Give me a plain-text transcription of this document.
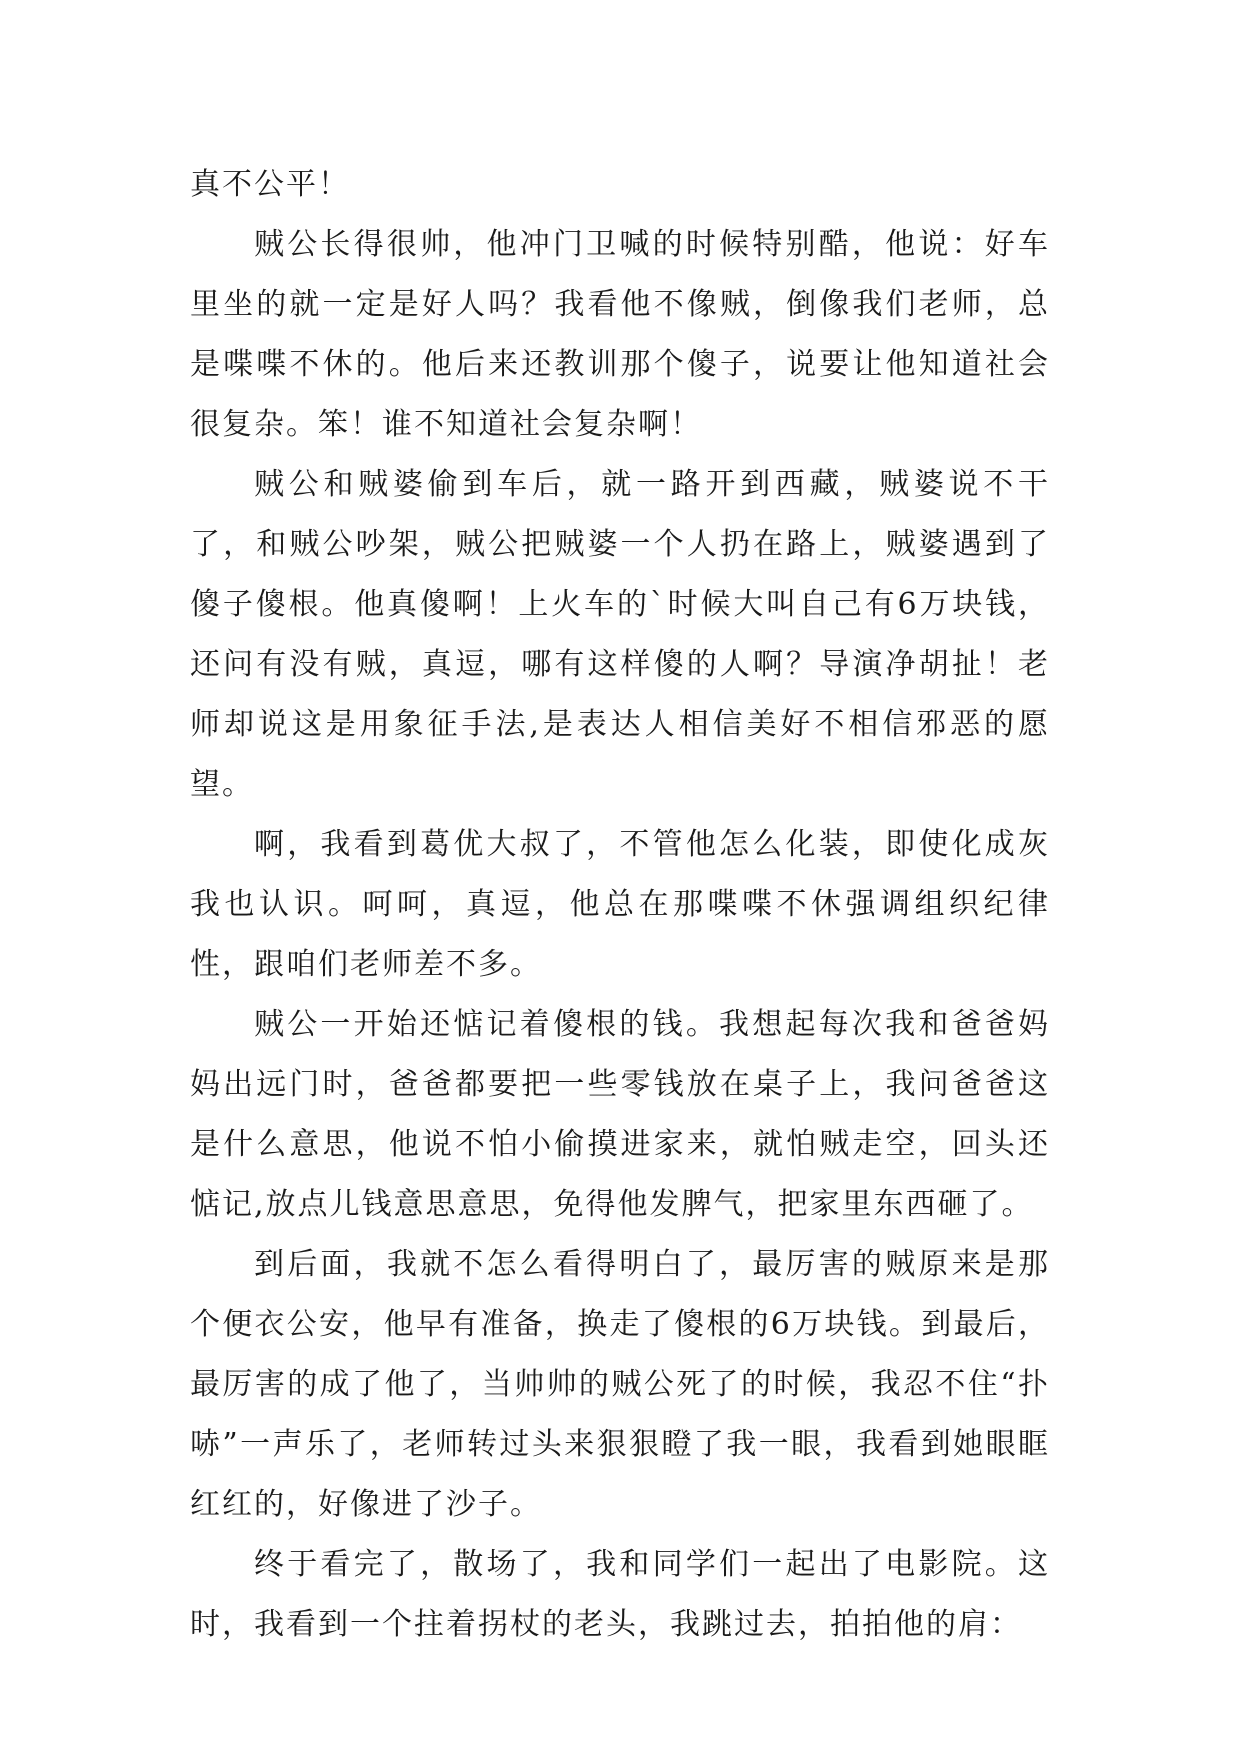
真不公平！

贼公长得很帅，他冲门卫喊的时候特别酷，他说：好车里坐的就一定是好人吗？我看他不像贼，倒像我们老师，总是喋喋不休的。他后来还教训那个傻子，说要让他知道社会很复杂。笨！谁不知道社会复杂啊！

贼公和贼婆偷到车后，就一路开到西藏，贼婆说不干了，和贼公吵架，贼公把贼婆一个人扔在路上，贼婆遇到了傻子傻根。他真傻啊！上火车的`时候大叫自己有6万块钱，还问有没有贼，真逗，哪有这样傻的人啊？导演净胡扯！老师却说这是用象征手法,是表达人相信美好不相信邪恶的愿望。

啊，我看到葛优大叔了，不管他怎么化装，即使化成灰我也认识。呵呵，真逗，他总在那喋喋不休强调组织纪律性，跟咱们老师差不多。

贼公一开始还惦记着傻根的钱。我想起每次我和爸爸妈妈出远门时，爸爸都要把一些零钱放在桌子上，我问爸爸这是什么意思，他说不怕小偷摸进家来，就怕贼走空，回头还惦记,放点儿钱意思意思，免得他发脾气，把家里东西砸了。

到后面，我就不怎么看得明白了，最厉害的贼原来是那个便衣公安，他早有准备，换走了傻根的6万块钱。到最后，最厉害的成了他了，当帅帅的贼公死了的时候，我忍不住“扑哧”一声乐了，老师转过头来狠狠瞪了我一眼，我看到她眼眶红红的，好像进了沙子。

终于看完了，散场了，我和同学们一起出了电影院。这时，我看到一个拄着拐杖的老头，我跳过去，拍拍他的肩：
